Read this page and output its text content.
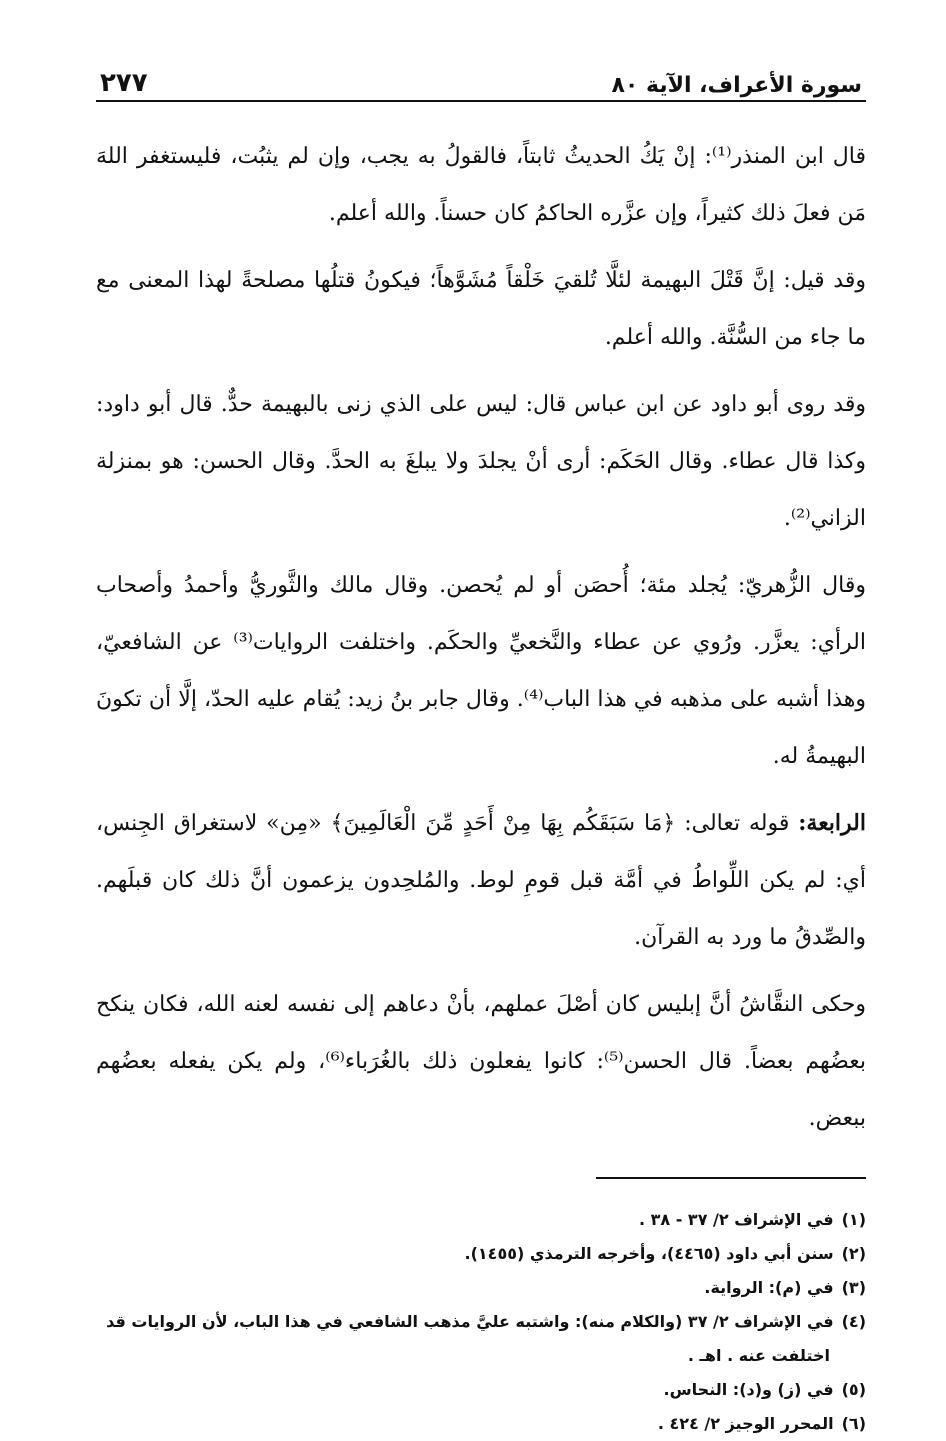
سورة الأعراف، الآية ٨٠
٢٧٧

قال ابن المنذر⁽¹⁾: إنْ يَكُ الحديثُ ثابتاً، فالقولُ به يجب، وإن لم يثبُت، فليستغفر اللهَ مَن فعلَ ذلك كثيراً، وإن عزَّره الحاكمُ كان حسناً. والله أعلم.

وقد قيل: إنَّ قَتْلَ البهيمة لئلَّا تُلقيَ خَلْقاً مُشَوَّهاً؛ فيكونُ قتلُها مصلحةً لهذا المعنى مع ما جاء من السُّنَّة. والله أعلم.

وقد روى أبو داود عن ابن عباس قال: ليس على الذي زنى بالبهيمة حدٌّ. قال أبو داود: وكذا قال عطاء. وقال الحَكَم: أرى أنْ يجلدَ ولا يبلغَ به الحدَّ. وقال الحسن: هو بمنزلة الزاني⁽²⁾.

وقال الزُّهريّ: يُجلد مئة؛ أُحصَن أو لم يُحصن. وقال مالك والثَّوريُّ وأحمدُ وأصحاب الرأي: يعزَّر. ورُوي عن عطاء والنَّخعيِّ والحكَم. واختلفت الروايات⁽³⁾ عن الشافعيّ، وهذا أشبه على مذهبه في هذا الباب⁽⁴⁾. وقال جابر بنُ زيد: يُقام عليه الحدّ، إلَّا أن تكونَ البهيمةُ له.

الرابعة: قوله تعالى: ﴿مَا سَبَقَكُم بِهَا مِنْ أَحَدٍ مِّنَ الْعَالَمِينَ﴾ «مِن» لاستغراق الجِنس، أي: لم يكن اللِّواطُ في أمَّة قبل قومِ لوط. والمُلحِدون يزعمون أنَّ ذلك كان قبلَهم. والصِّدقُ ما ورد به القرآن.

وحكى النقَّاشُ أنَّ إبليس كان أصْلَ عملهم، بأنْ دعاهم إلى نفسه لعنه الله، فكان ينكح بعضُهم بعضاً. قال الحسن⁽⁵⁾: كانوا يفعلون ذلك بالغُرَباء⁽⁶⁾، ولم يكن يفعله بعضُهم ببعض.

(١)في الإشراف ٢/ ٣٧ - ٣٨ .

(٢)سنن أبي داود (٤٤٦٥)، وأخرجه الترمذي (١٤٥٥).

(٣)في (م): الرواية.

(٤)في الإشراف ٢/ ٣٧ (والكلام منه): واشتبه عليَّ مذهب الشافعي في هذا الباب، لأن الروايات قد

اختلفت عنه . اهـ .

(٥)في (ز) و(د): النحاس.

(٦)المحرر الوجيز ٢/ ٤٢٤ .
